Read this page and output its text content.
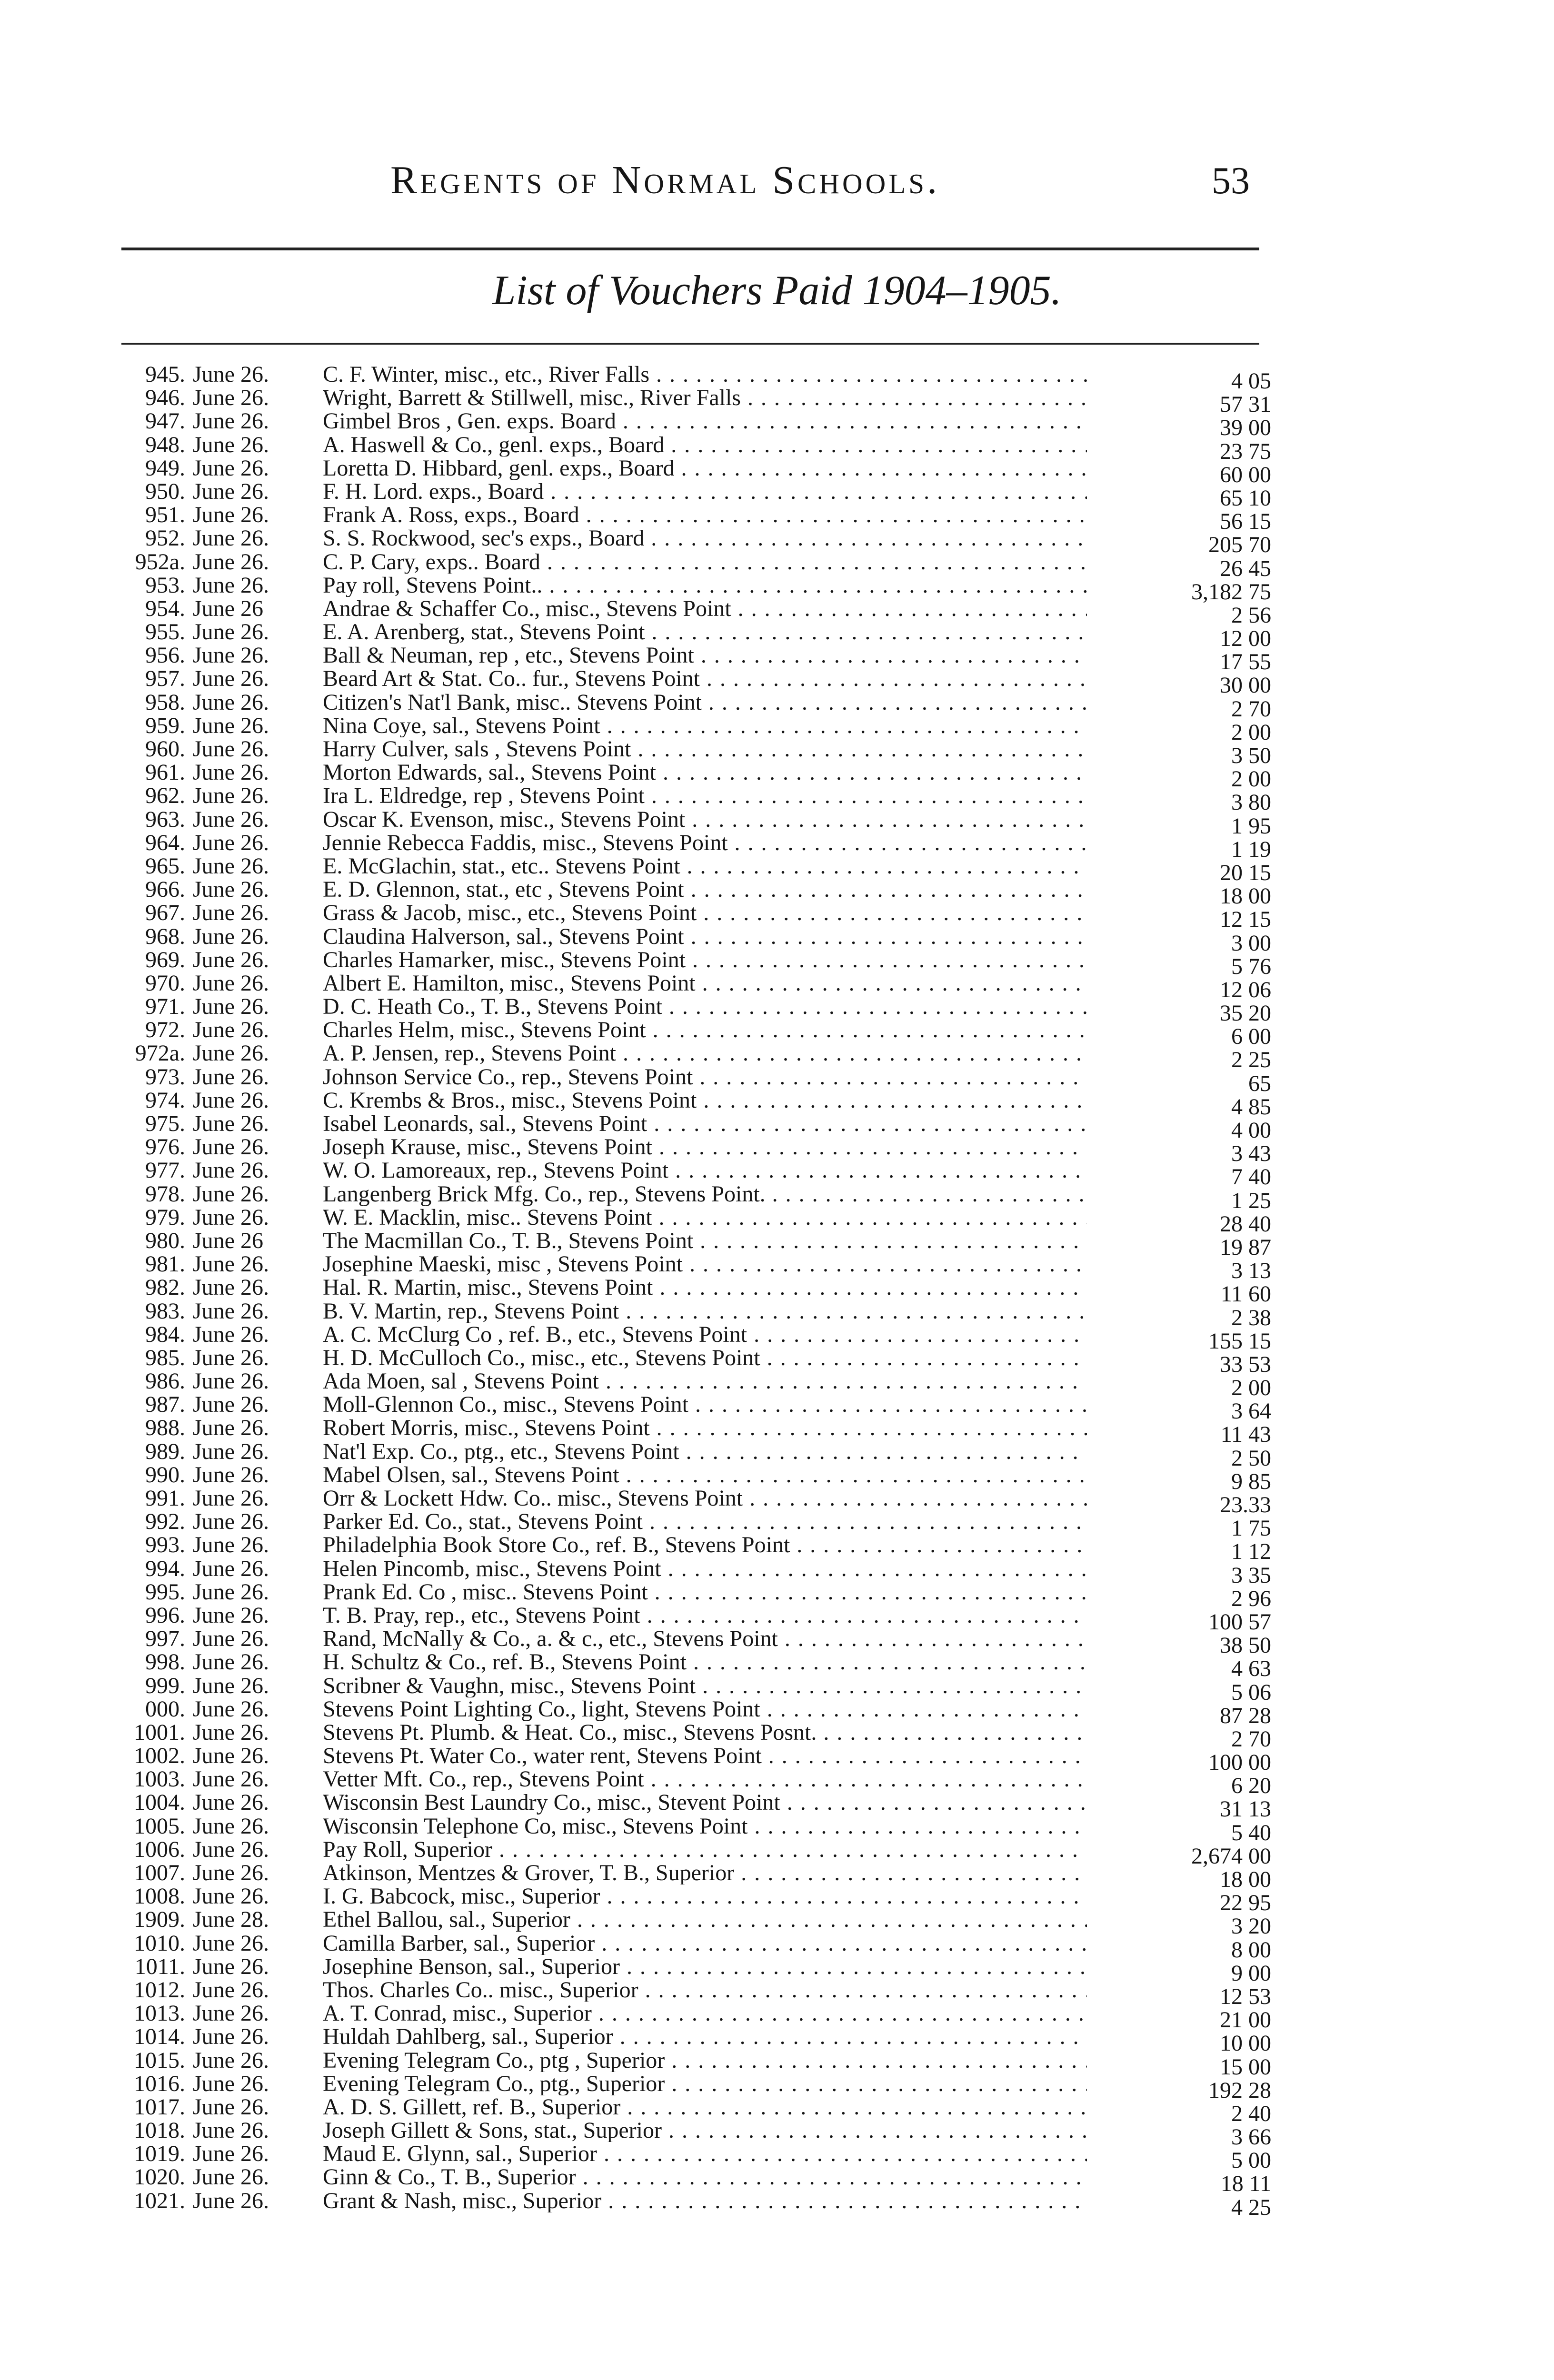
Regents of Normal Schools.	53
List of Vouchers Paid 1904–1905.
945. June 26. C. F. Winter, misc., etc., River Falls . . .	4 05
946. June 26. Wright, Barrett & Stillwell, misc., River Falls . . .	57 31
947. June 26. Gimbel Bros , Gen. exps. Board . . .	39 00
948. June 26. A. Haswell & Co., genl. exps., Board . . .	23 75
949. June 26. Loretta D. Hibbard, genl. exps., Board . . .	60 00
950. June 26. F. H. Lord. exps., Board . . .	65 10
951. June 26. Frank A. Ross, exps., Board . . .	56 15
952. June 26. S. S. Rockwood, sec's exps., Board . . .	205 70
952a. June 26. C. P. Cary, exps.. Board . . .	26 45
953. June 26. Pay roll, Stevens Point.. . . .	3,182 75
954. June 26	Andrae & Schaffer Co., misc., Stevens Point . . .	2 56
955. June 26. E. A. Arenberg, stat., Stevens Point . . .	12 00
956. June 26. Ball & Neuman, rep , etc., Stevens Point . . .	17 55
957. June 26. Beard Art & Stat. Co.. fur., Stevens Point . . .	30 00
958. June 26. Citizen's Nat'l Bank, misc.. Stevens Point . . .	2 70
959. June 26. Nina Coye, sal., Stevens Point . . .	2 00
960. June 26. Harry Culver, sals , Stevens Point . . .	3 50
961. June 26. Morton Edwards, sal., Stevens Point . . .	2 00
962. June 26. Ira L. Eldredge, rep , Stevens Point . . .	3 80
963. June 26. Oscar K. Evenson, misc., Stevens Point . . .	1 95
964. June 26. Jennie Rebecca Faddis, misc., Stevens Point . . .	1 19
965. June 26. E. McGlachin, stat., etc.. Stevens Point . . .	20 15
966. June 26. E. D. Glennon, stat., etc , Stevens Point . . .	18 00
967. June 26. Grass & Jacob, misc., etc., Stevens Point . . .	12 15
968. June 26. Claudina Halverson, sal., Stevens Point . . .	3 00
969. June 26. Charles Hamarker, misc., Stevens Point . . .	5 76
970. June 26. Albert E. Hamilton, misc., Stevens Point . . .	12 06
971. June 26. D. C. Heath Co., T. B., Stevens Point . . .	35 20
972. June 26. Charles Helm, misc., Stevens Point . . .	6 00
972a. June 26. A. P. Jensen, rep., Stevens Point . . .	2 25
973. June 26. Johnson Service Co., rep., Stevens Point . . .	65
974. June 26. C. Krembs & Bros., misc., Stevens Point . . .	4 85
975. June 26. Isabel Leonards, sal., Stevens Point . . .	4 00
976. June 26. Joseph Krause, misc., Stevens Point . . .	3 43
977. June 26. W. O. Lamoreaux, rep., Stevens Point . . .	7 40
978. June 26. Langenberg Brick Mfg. Co., rep., Stevens Point. . . .	1 25
979. June 26. W. E. Macklin, misc.. Stevens Point . . .	28 40
980. June 26	The Macmillan Co., T. B., Stevens Point . . .	19 87
981. June 26. Josephine Maeski, misc , Stevens Point . . .	3 13
982. June 26. Hal. R. Martin, misc., Stevens Point . . .	11 60
983. June 26. B. V. Martin, rep., Stevens Point . . .	2 38
984. June 26. A. C. McClurg Co , ref. B., etc., Stevens Point . . .	155 15
985. June 26. H. D. McCulloch Co., misc., etc., Stevens Point . . .	33 53
986. June 26. Ada Moen, sal , Stevens Point . . .	2 00
987. June 26. Moll-Glennon Co., misc., Stevens Point . . .	3 64
988. June 26. Robert Morris, misc., Stevens Point . . .	11 43
989. June 26. Nat'l Exp. Co., ptg., etc., Stevens Point . . .	2 50
990. June 26. Mabel Olsen, sal., Stevens Point . . .	9 85
991. June 26. Orr & Lockett Hdw. Co.. misc., Stevens Point . . .	23.33
992. June 26. Parker Ed. Co., stat., Stevens Point . . .	1 75
993. June 26. Philadelphia Book Store Co., ref. B., Stevens Point . . .	1 12
994. June 26. Helen Pincomb, misc., Stevens Point . . .	3 35
995. June 26. Prank Ed. Co , misc.. Stevens Point . . .	2 96
996. June 26. T. B. Pray, rep., etc., Stevens Point . . .	100 57
997. June 26. Rand, McNally & Co., a. & c., etc., Stevens Point . . .	38 50
998. June 26. H. Schultz & Co., ref. B., Stevens Point . . .	4 63
999. June 26. Scribner & Vaughn, misc., Stevens Point . . .	5 06
000. June 26. Stevens Point Lighting Co., light, Stevens Point . . .	87 28
1001. June 26. Stevens Pt. Plumb. & Heat. Co., misc., Stevens Posnt. . . .	2 70
1002. June 26. Stevens Pt. Water Co., water rent, Stevens Point . . .	100 00
1003. June 26. Vetter Mft. Co., rep., Stevens Point . . .	6 20
1004. June 26. Wisconsin Best Laundry Co., misc., Stevent Point . . .	31 13
1005. June 26. Wisconsin Telephone Co, misc., Stevens Point . . .	5 40
1006. June 26. Pay Roll, Superior . . .	2,674 00
1007. June 26. Atkinson, Mentzes & Grover, T. B., Superior . . .	18 00
1008. June 26. I. G. Babcock, misc., Superior . . .	22 95
1909. June 28. Ethel Ballou, sal., Superior . . .	3 20
1010. June 26. Camilla Barber, sal., Superior . . .	8 00
1011. June 26. Josephine Benson, sal., Superior . . .	9 00
1012. June 26. Thos. Charles Co.. misc., Superior . . .	12 53
1013. June 26. A. T. Conrad, misc., Superior . . .	21 00
1014. June 26. Huldah Dahlberg, sal., Superior . . .	10 00
1015. June 26. Evening Telegram Co., ptg , Superior . . .	15 00
1016. June 26. Evening Telegram Co., ptg., Superior . . .	192 28
1017. June 26. A. D. S. Gillett, ref. B., Superior . . .	2 40
1018. June 26. Joseph Gillett & Sons, stat., Superior . . .	3 66
1019. June 26. Maud E. Glynn, sal., Superior . . .	5 00
1020. June 26. Ginn & Co., T. B., Superior . . .	18 11
1021. June 26. Grant & Nash, misc., Superior . . .	4 25
